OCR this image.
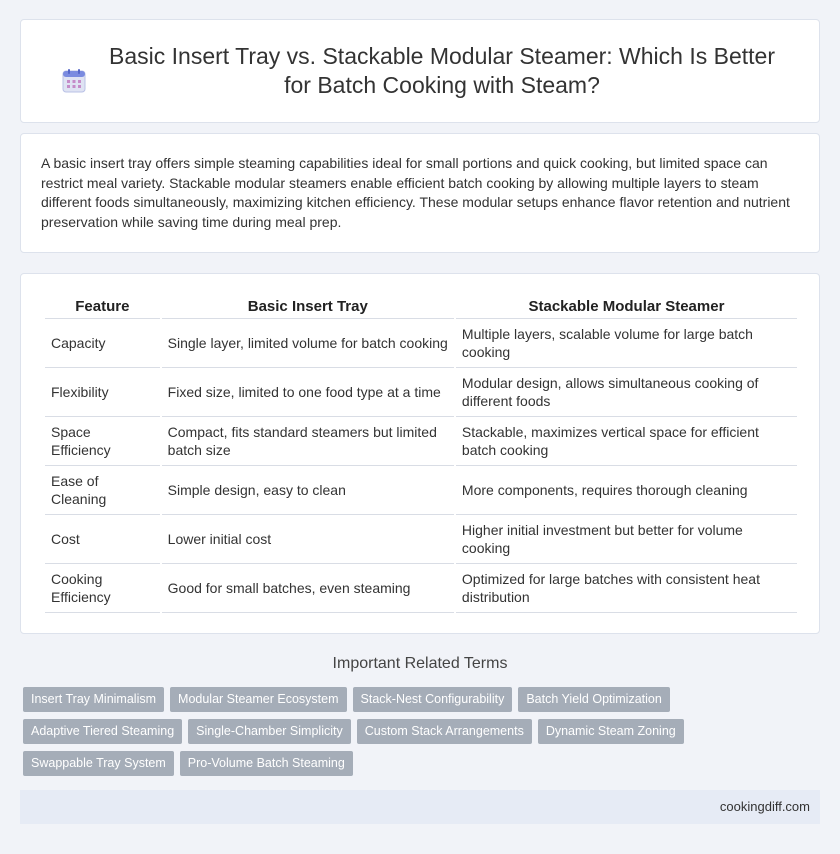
Basic Insert Tray vs. Stackable Modular Steamer: Which Is Better for Batch Cooking with Steam?

A basic insert tray offers simple steaming capabilities ideal for small portions and quick cooking, but limited space can restrict meal variety. Stackable modular steamers enable efficient batch cooking by allowing multiple layers to steam different foods simultaneously, maximizing kitchen efficiency. These modular setups enhance flavor retention and nutrient preservation while saving time during meal prep.

Feature	Basic Insert Tray	Stackable Modular Steamer
Capacity	Single layer, limited volume for batch cooking	Multiple layers, scalable volume for large batch cooking
Flexibility	Fixed size, limited to one food type at a time	Modular design, allows simultaneous cooking of different foods
Space Efficiency	Compact, fits standard steamers but limited batch size	Stackable, maximizes vertical space for efficient batch cooking
Ease of Cleaning	Simple design, easy to clean	More components, requires thorough cleaning
Cost	Lower initial cost	Higher initial investment but better for volume cooking
Cooking Efficiency	Good for small batches, even steaming	Optimized for large batches with consistent heat distribution
Important Related Terms
Insert Tray Minimalism	Modular Steamer Ecosystem	Stack-Nest Configurability	Batch Yield Optimization
Adaptive Tiered Steaming	Single-Chamber Simplicity	Custom Stack Arrangements	Dynamic Steam Zoning
Swappable Tray System	Pro-Volume Batch Steaming
cookingdiff.com
